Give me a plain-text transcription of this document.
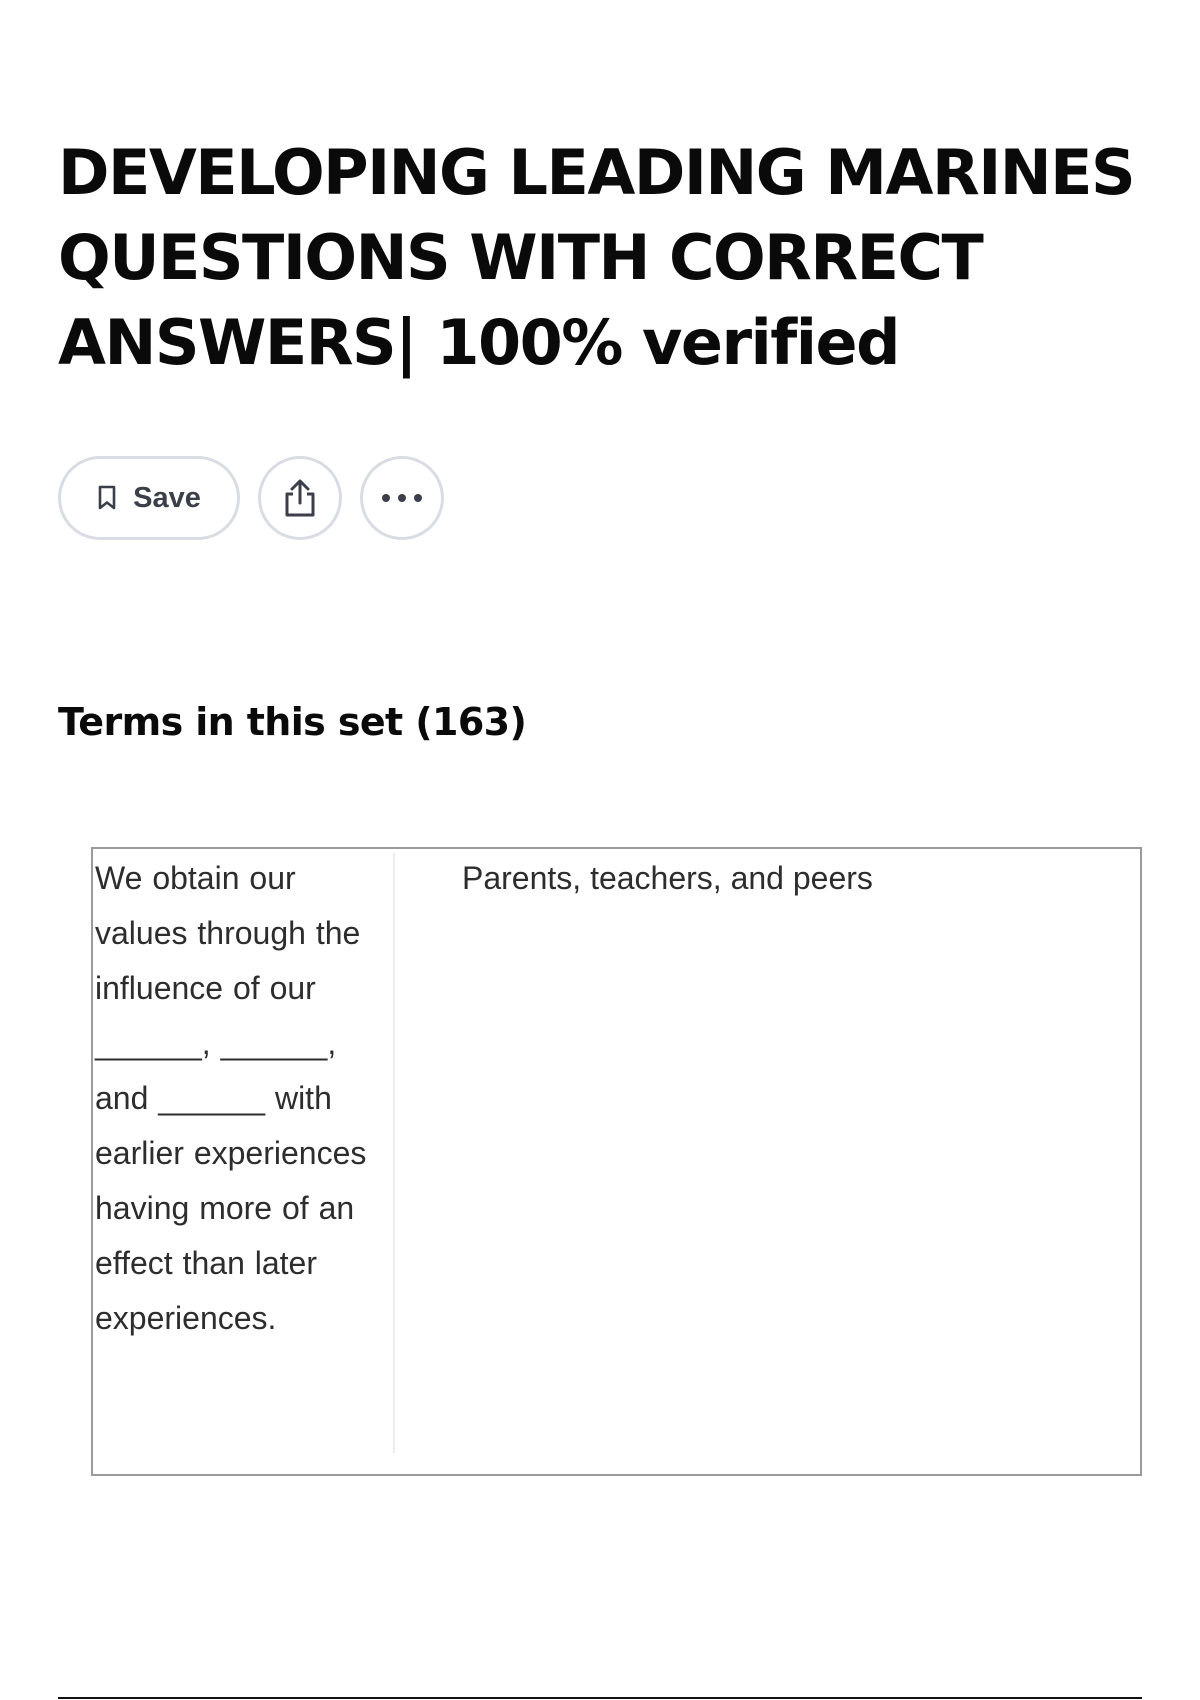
DEVELOPING LEADING MARINES QUESTIONS WITH CORRECT ANSWERS| 100% verified
Save
Terms in this set (163)
We obtain our values through the influence of our ______, ______, and ______ with earlier experiences having more of an effect than later experiences.
Parents, teachers, and peers
